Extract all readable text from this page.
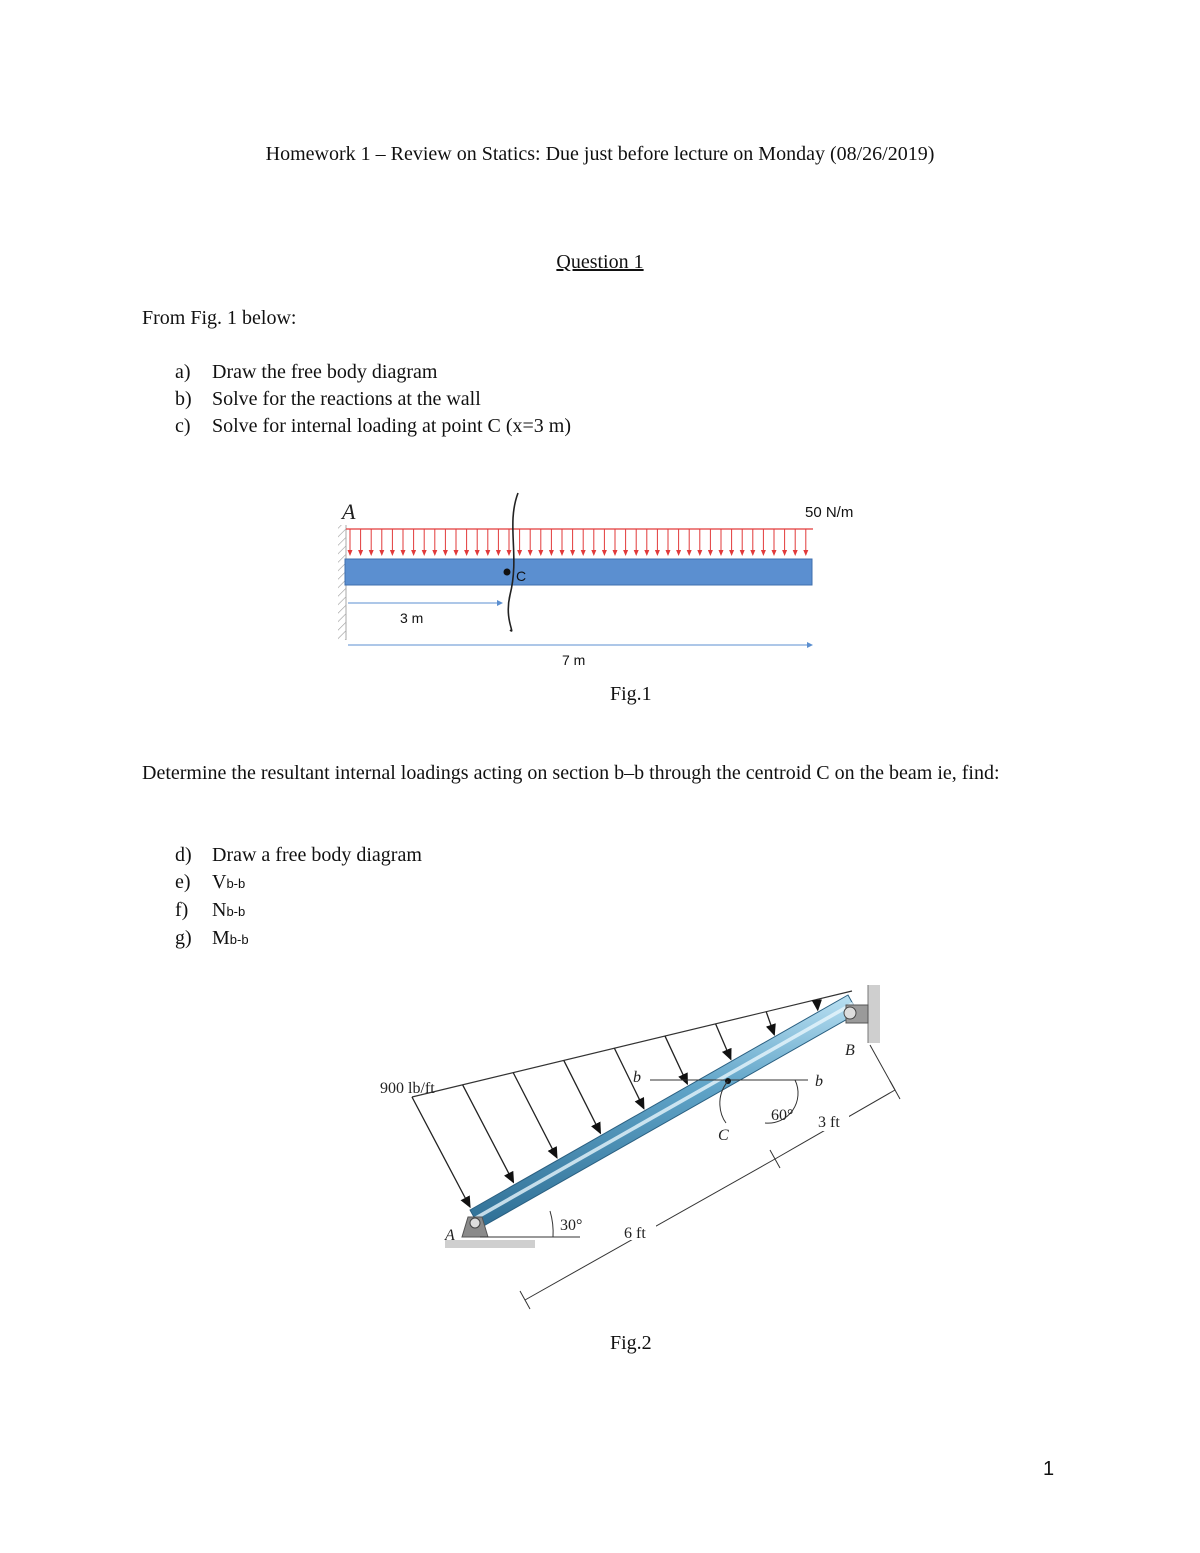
Homework 1 – Review on Statics: Due just before lecture on Monday (08/26/2019)
Question 1
From Fig. 1 below:
a) Draw the free body diagram
b) Solve for the reactions at the wall
c) Solve for internal loading at point C (x=3 m)
C
A	50 N/m
3 m
7 m
Fig.1
Determine the resultant internal loadings acting on section b–b through the centroid C on the beam ie, find:
d) Draw a free body diagram
e) Vb-b
f) Nb-b
g) Mb-b
b	b
C
B
A
900 lb/ft
30°
60°
6 ft
3 ft
Fig.2
1
